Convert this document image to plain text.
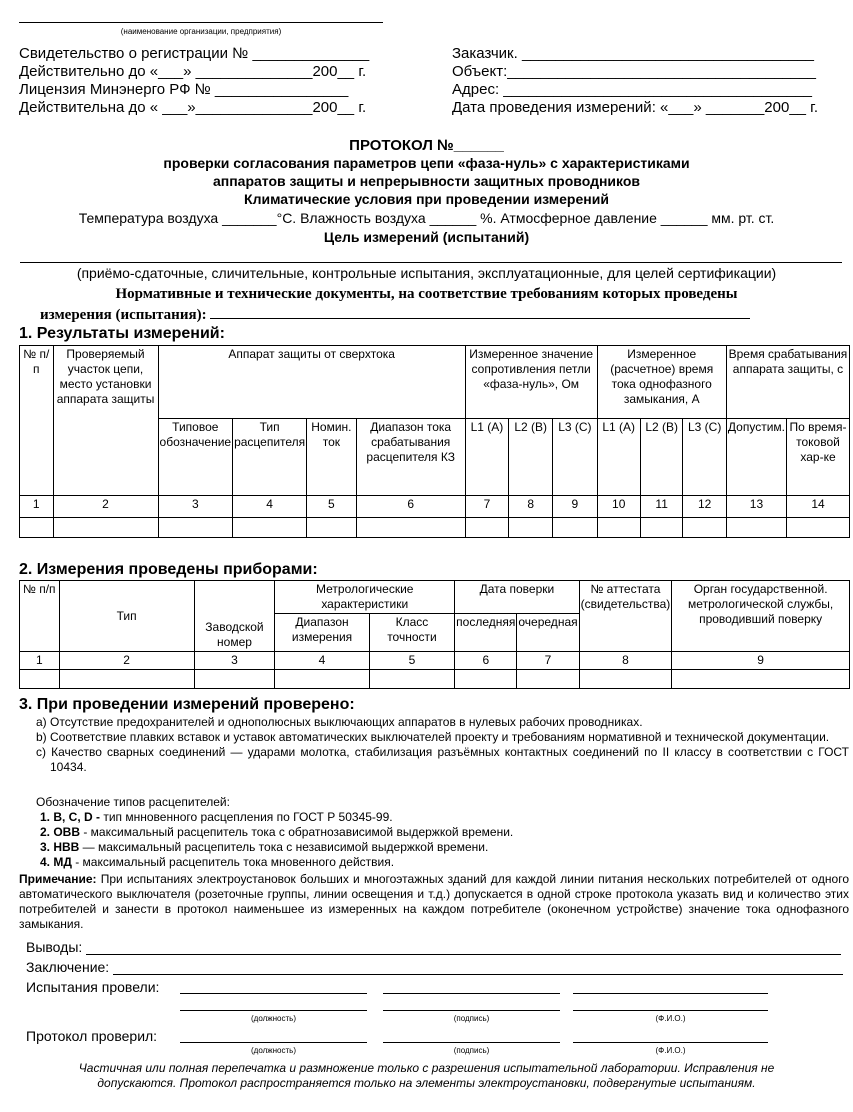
(наименование организации, предприятия)
Свидетельство о регистрации № ______________
Действительно до «___» ______________200__ г.
Лицензия Минэнерго РФ № ________________
Действительна до « ___»______________200__ г.
Заказчик. ___________________________________
Объект:_____________________________________
Адрес: _____________________________________
Дата проведения измерений: «___» _______200__ г.
ПРОТОКОЛ №______
проверки согласования параметров цепи «фаза-нуль» с характеристиками
аппаратов защиты и непрерывности защитных проводников
Климатические условия при проведении измерений
Температура воздуха _______°С. Влажность воздуха ______ %. Атмосферное давление ______ мм. рт. ст.
Цель измерений (испытаний)
(приёмо-сдаточные, сличительные, контрольные испытания, эксплуатационные, для целей сертификации)
Нормативные и технические документы, на соответствие требованиям которых проведены
измерения (испытания):
1. Результаты измерений:
№ п/п	Проверяемый участок цепи, место установки аппарата защиты	Аппарат защиты от сверхтока				Измеренное значение сопротивления петли «фаза-нуль», Ом			Измеренное (расчетное) время тока однофазного замыкания, А			Время срабатывания аппарата защиты, с	
		Типовое обозначение	Тип расцепителя	Номин. ток	Диапазон тока срабатывания расцепителя КЗ	L1 (A)	L2 (B)	L3 (C)	L1 (A)	L2 (B)	L3 (C)	Допустим.	По время-токовой хар-ке
1	2	3	4	5	6	7	8	9	10	11	12	13	14

2. Измерения проведены приборами:
№ п/п	Тип	Заводской номер	Метрологические характеристики		Дата поверки		№ аттестата (свидетельства)	Орган государственной. метрологической службы, проводивший поверку
			Диапазон измерения	Класс точности	последняя	очередная		
1	2	3	4	5	6	7	8	9

3. При проведении измерений проверено:
a) Отсутствие предохранителей и однополюсных выключающих аппаратов в нулевых рабочих проводниках.
b) Соответствие плавких вставок и уставок автоматических выключателей проекту и требованиям нормативной и технической документации.
c) Качество сварных соединений — ударами молотка, стабилизация разъёмных контактных соединений по II классу в соответствии с ГОСТ 10434.
Обозначение типов расцепителей:
1. B, C, D - тип мнновенного расцепления по ГОСТ Р 50345-99.
2. ОВВ - максимальный расцепитель тока с обратнозависимой выдержкой времени.
3. НВВ — максимальный расцепитель тока с независимой выдержкой времени.
4. МД - максимальный расцепитель тока мновенного действия.
Примечание: При испытаниях электроустановок больших и многоэтажных зданий для каждой линии питания нескольких потребителей от одного автоматического выключателя (розеточные группы, линии освещения и т.д.) допускается в одной строке протокола указать вид и количество этих потребителей и занести в протокол наименьшее из измеренных на каждом потребителе (оконечном устройстве) значение тока однофазного замыкания.
Выводы:
Заключение:
Испытания провели:
(должность)	(подпись)	(Ф.И.О.)
Протокол проверил:
(должность)	(подпись)	(Ф.И.О.)
Частичная или полная перепечатка и размножение только с разрешения испытательной лаборатории. Исправления не
допускаются. Протокол распространяется только на элементы электроустановки, подвергнутые испытаниям.
